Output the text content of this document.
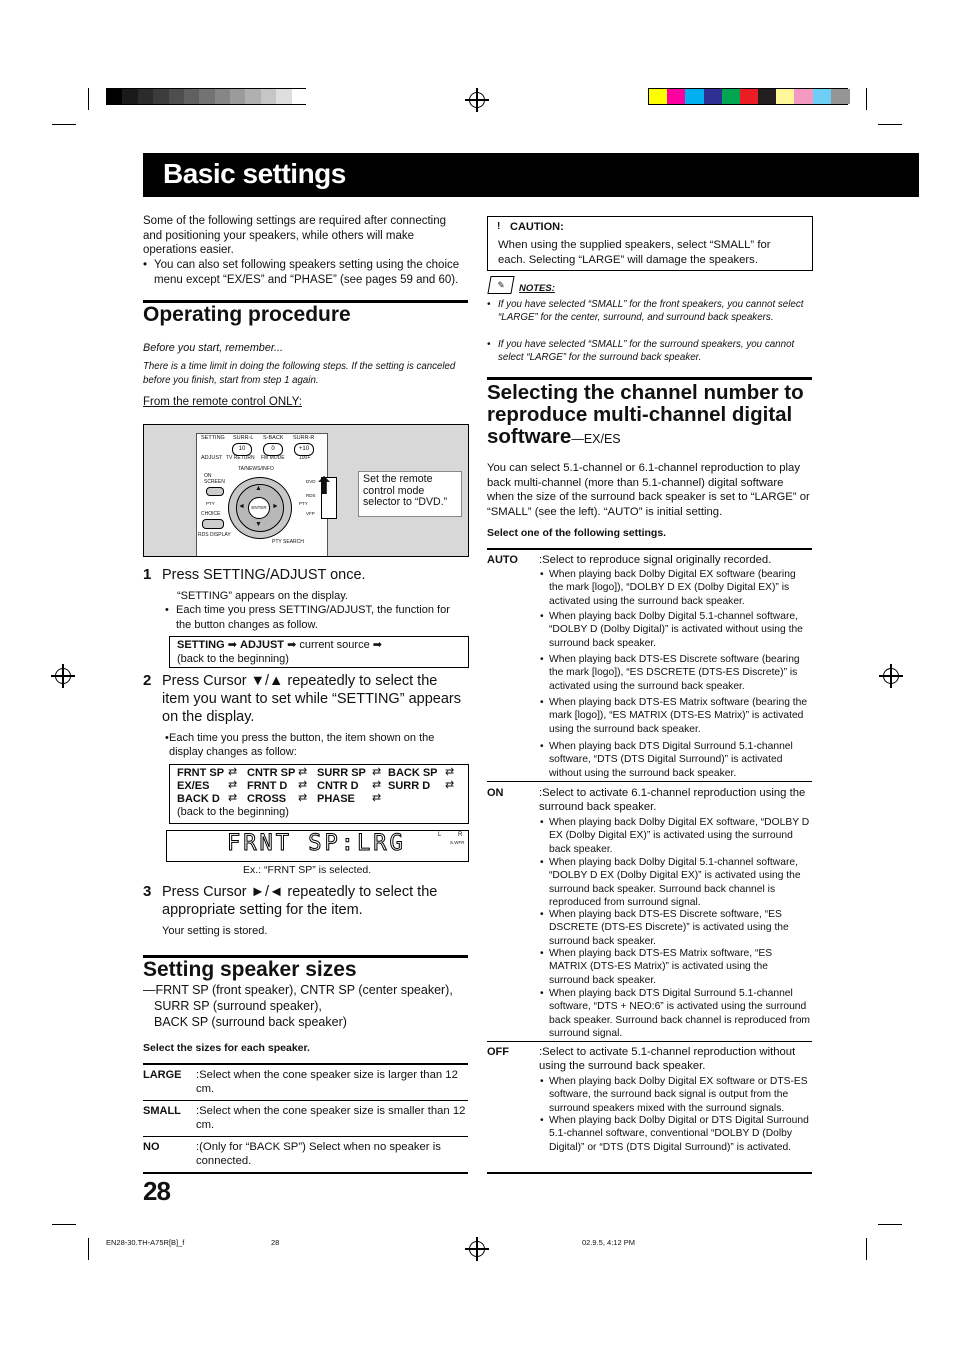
Basic settings
Some of the following settings are required after connecting and positioning your speakers, while others will make operations easier.
• You can also set following speakers setting using the choice menu except “EX/ES” and “PHASE” (see pages 59 and 60).
Operating procedure
Before you start, remember...
There is a time limit in doing the following steps. If the setting is canceled before you finish, start from step 1 again.
From the remote control ONLY:
SETTING
ADJUST
SURR-L S-BACK SURR-R
TV RETURN FM MODE	100+
10	0	+10
TA/NEWS/INFO
ON SCREEN
CHOICE
PTY	PTY
DVD
RDS
VFP
RDS DISPLAY
PTY SEARCH
▲
▼
◄	►
ENTER
⬆	Set the remote control mode selector to “DVD.”
1 Press SETTING/ADJUST once.
“SETTING” appears on the display.
• Each time you press SETTING/ADJUST, the function for the button changes as follow.
SETTING ➡ ADJUST ➡ current source ➡
(back to the beginning)
2 Press Cursor ▼/▲ repeatedly to select the item you want to set while “SETTING” appears on the display.
• Each time you press the button, the item shown on the display changes as follow:
FRNT SP ⇄ CNTR SP ⇄ SURR SP ⇄ BACK SP ⇄
EX/ES ⇄ FRNT D ⇄ CNTR D ⇄ SURR D ⇄
BACK D ⇄ CROSS ⇄ PHASE ⇄
(back to the beginning)
FRNT SP:LRG	L	R
S.WFR
Ex.: “FRNT SP” is selected.
3 Press Cursor ►/◄ repeatedly to select the appropriate setting for the item.
Your setting is stored.
Setting speaker sizes
—FRNT SP (front speaker), CNTR SP (center speaker),
SURR SP (surround speaker),
BACK SP (surround back speaker)
Select the sizes for each speaker.
LARGE :Select when the cone speaker size is larger than 12 cm.
SMALL :Select when the cone speaker size is smaller than 12 cm.
NO	:(Only for “BACK SP”) Select when no speaker is connected.
28
! CAUTION:
When using the supplied speakers, select “SMALL” for each. Selecting “LARGE” will damage the speakers.
✎	NOTES:
• If you have selected “SMALL” for the front speakers, you cannot select “LARGE” for the center, surround, and surround back speakers.
• If you have selected “SMALL” for the surround speakers, you cannot select “LARGE” for the surround back speaker.
Selecting the channel number to
reproduce multi-channel digital
software—EX/ES
You can select 5.1-channel or 6.1-channel reproduction to play back multi-channel (more than 5.1-channel) digital software when the size of the surround back speaker is set to “LARGE” or “SMALL” (see the left). “AUTO” is initial setting.
Select one of the following settings.
AUTO :Select to reproduce signal originally recorded.
• When playing back Dolby Digital EX software (bearing the mark [logo]), “DOLBY D EX (Dolby Digital EX)” is activated using the surround back speaker.
• When playing back Dolby Digital 5.1-channel software, “DOLBY D (Dolby Digital)” is activated without using the surround back speaker.
• When playing back DTS-ES Discrete software (bearing the mark [logo]), “ES DSCRETE (DTS-ES Discrete)” is activated using the surround back speaker.
• When playing back DTS-ES Matrix software (bearing the mark [logo]), “ES MATRIX (DTS-ES Matrix)” is activated using the surround back speaker.
• When playing back DTS Digital Surround 5.1-channel software, “DTS (DTS Digital Surround)” is activated without using the surround back speaker.
ON	:Select to activate 6.1-channel reproduction using the surround back speaker.
• When playing back Dolby Digital EX software, “DOLBY D EX (Dolby Digital EX)” is activated using the surround back speaker.
• When playing back Dolby Digital 5.1-channel software, “DOLBY D EX (Dolby Digital EX)” is activated using the surround back speaker. Surround back channel is reproduced from surround signal.
• When playing back DTS-ES Discrete software, “ES DSCRETE (DTS-ES Discrete)” is activated using the surround back speaker.
• When playing back DTS-ES Matrix software, “ES MATRIX (DTS-ES Matrix)” is activated using the surround back speaker.
• When playing back DTS Digital Surround 5.1-channel software, “DTS + NEO:6” is activated using the surround back speaker. Surround back channel is reproduced from surround signal.
OFF	:Select to activate 5.1-channel reproduction without using the surround back speaker.
• When playing back Dolby Digital EX software or DTS-ES software, the surround back signal is output from the surround speakers mixed with the surround signals.
• When playing back Dolby Digital or DTS Digital Surround 5.1-channel software, conventional “DOLBY D (Dolby Digital)” or “DTS (DTS Digital Surround)” is activated.
EN28-30.TH-A75R[B]_f	28	02.9.5, 4:12 PM
